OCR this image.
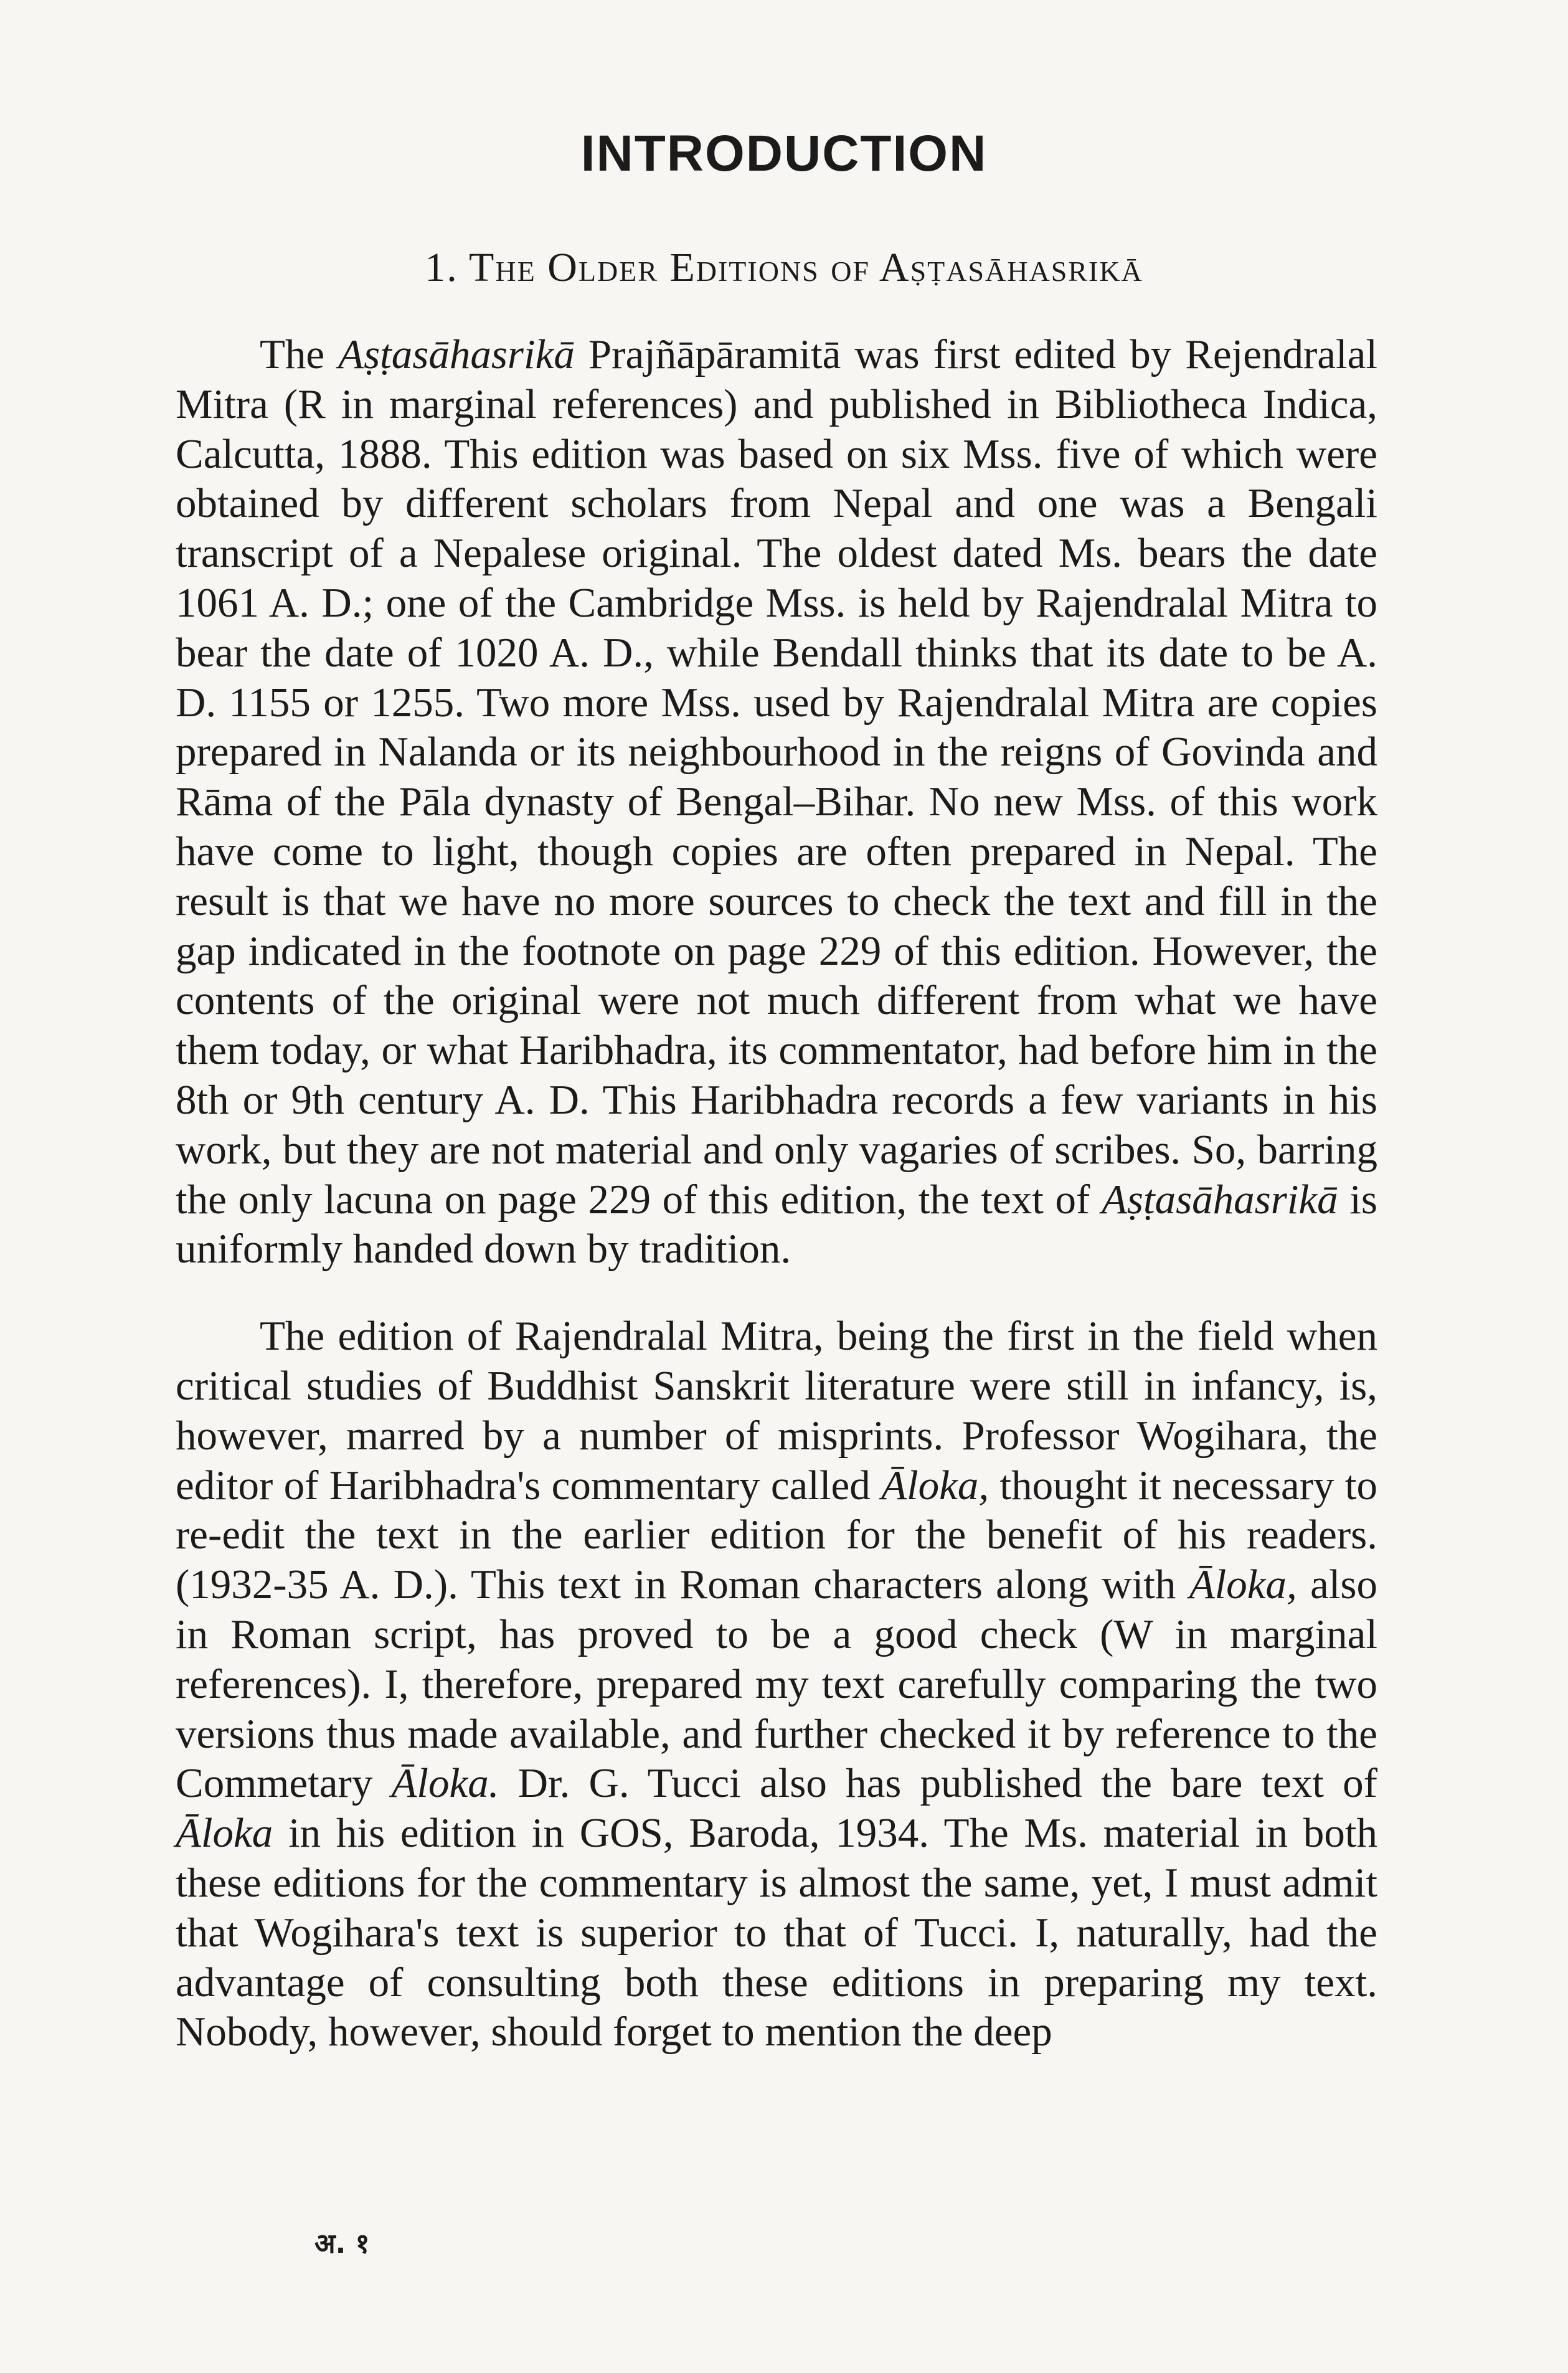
INTRODUCTION
1. The Older Editions of Aṣṭasāhasrikā

The Aṣṭasāhasrikā Prajñāpāramitā was first edited by Rejendralal Mitra (R in marginal references) and published in Bibliotheca Indica, Calcutta, 1888. This edition was based on six Mss. five of which were obtained by different scholars from Nepal and one was a Bengali transcript of a Nepalese original. The oldest dated Ms. bears the date 1061 A. D.; one of the Cambridge Mss. is held by Rajendralal Mitra to bear the date of 1020 A. D., while Bendall thinks that its date to be A. D. 1155 or 1255. Two more Mss. used by Rajendralal Mitra are copies prepared in Nalanda or its neighbourhood in the reigns of Govinda and Rāma of the Pāla dynasty of Bengal–Bihar. No new Mss. of this work have come to light, though copies are often prepared in Nepal. The result is that we have no more sources to check the text and fill in the gap indicated in the footnote on page 229 of this edition. However, the contents of the original were not much different from what we have them today, or what Haribhadra, its commentator, had before him in the 8th or 9th century A. D. This Haribhadra records a few variants in his work, but they are not material and only vagaries of scribes. So, barring the only lacuna on page 229 of this edition, the text of Aṣṭasāhasrikā is uniformly handed down by tradition.

The edition of Rajendralal Mitra, being the first in the field when critical studies of Buddhist Sanskrit literature were still in infancy, is, however, marred by a number of misprints. Professor Wogihara, the editor of Haribhadra's commentary called Āloka, thought it necessary to re-edit the text in the earlier edition for the benefit of his readers. (1932-35 A. D.). This text in Roman characters along with Āloka, also in Roman script, has proved to be a good check (W in marginal references). I, therefore, prepared my text carefully comparing the two versions thus made available, and further checked it by reference to the Commetary Āloka. Dr. G. Tucci also has published the bare text of Āloka in his edition in GOS, Baroda, 1934. The Ms. material in both these editions for the commentary is almost the same, yet, I must admit that Wogihara's text is superior to that of Tucci. I, naturally, had the advantage of consulting both these editions in preparing my text. Nobody, however, should forget to mention the deep

अ. १
